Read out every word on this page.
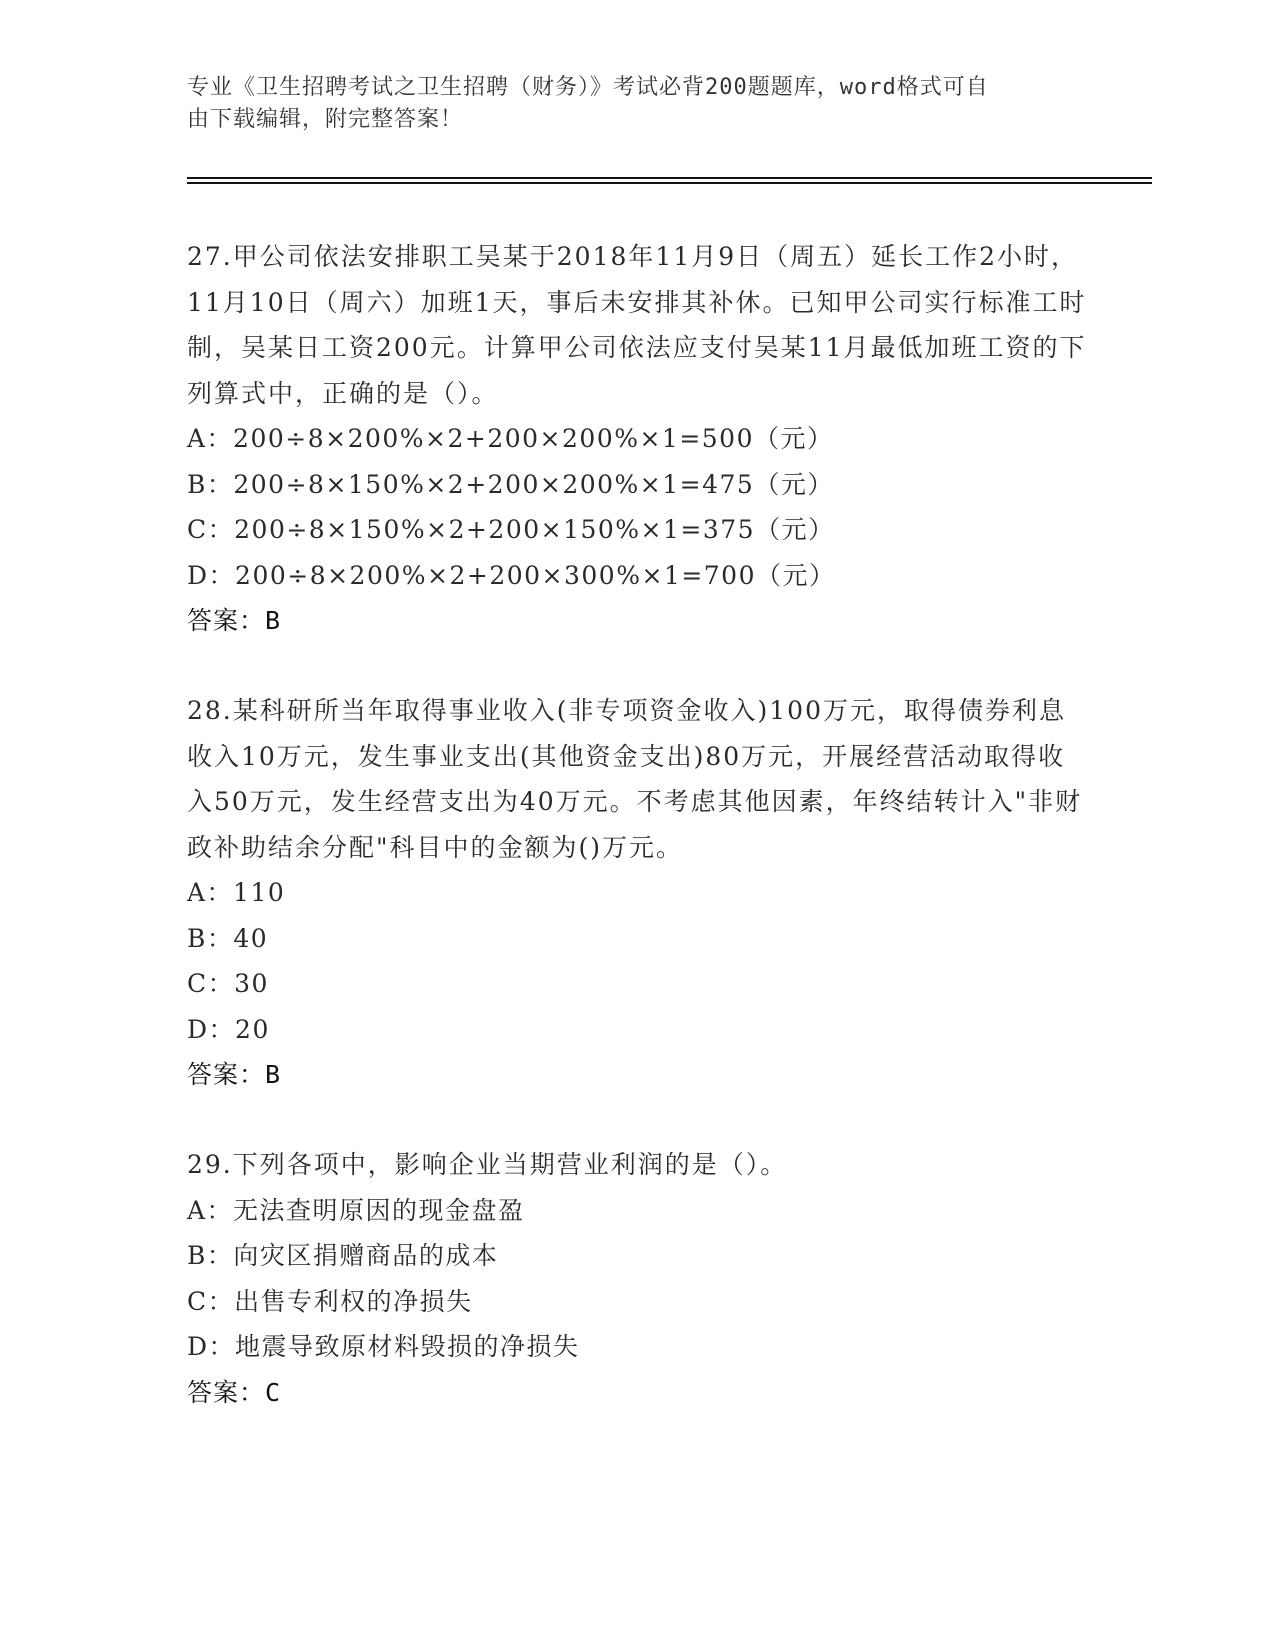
专业《卫生招聘考试之卫生招聘（财务）》考试必背200题题库，word格式可自
由下载编辑，附完整答案！

27.甲公司依法安排职工吴某于2018年11月9日（周五）延长工作2小时，11月10日（周六）加班1天，事后未安排其补休。已知甲公司实行标准工时制，吴某日工资200元。计算甲公司依法应支付吴某11月最低加班工资的下列算式中，正确的是（）。

A：200÷8×200%×2+200×200%×1=500（元）

B：200÷8×150%×2+200×200%×1=475（元）

C：200÷8×150%×2+200×150%×1=375（元）

D：200÷8×200%×2+200×300%×1=700（元）

答案：B

28.某科研所当年取得事业收入(非专项资金收入)100万元，取得债券利息收入10万元，发生事业支出(其他资金支出)80万元，开展经营活动取得收入50万元，发生经营支出为40万元。不考虑其他因素，年终结转计入"非财政补助结余分配"科目中的金额为()万元。

A：110

B：40

C：30

D：20

答案：B

29.下列各项中，影响企业当期营业利润的是（）。

A：无法查明原因的现金盘盈

B：向灾区捐赠商品的成本

C：出售专利权的净损失

D：地震导致原材料毁损的净损失

答案：C
